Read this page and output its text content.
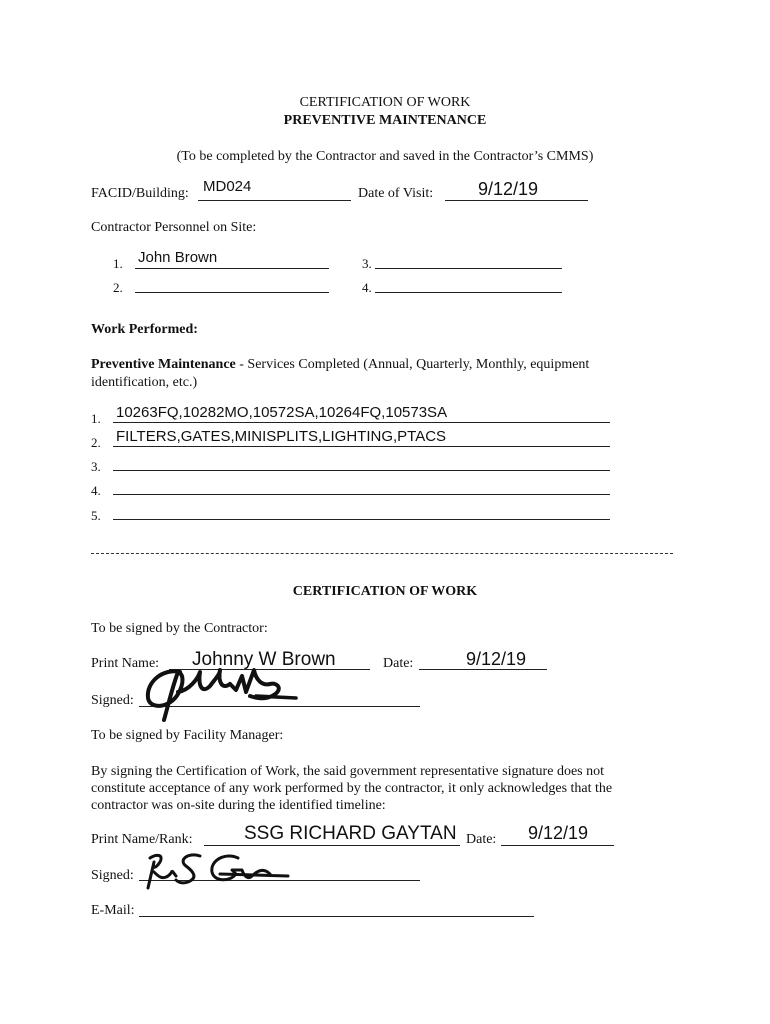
CERTIFICATION OF WORK
PREVENTIVE MAINTENANCE
(To be completed by the Contractor and saved in the Contractor’s CMMS)
FACID/Building: MD024	Date of Visit: 9/12/19
Contractor Personnel on Site:
1. John Brown
2.
3.
4.
Work Performed:
Preventive Maintenance - Services Completed (Annual, Quarterly, Monthly, equipment
identification, etc.)
1. 10263FQ,10282MO,10572SA,10264FQ,10573SA
2. FILTERS,GATES,MINISPLITS,LIGHTING,PTACS
3.
4.
5.
CERTIFICATION OF WORK
To be signed by the Contractor:
Print Name: Johnny W Brown	Date:	9/12/19
Signed:
To be signed by Facility Manager:
By signing the Certification of Work, the said government representative signature does not
constitute acceptance of any work performed by the contractor, it only acknowledges that the
contractor was on-site during the identified timeline:
Print Name/Rank:	SSG RICHARD GAYTAN Date: 9/12/19
Signed:
E-Mail:
